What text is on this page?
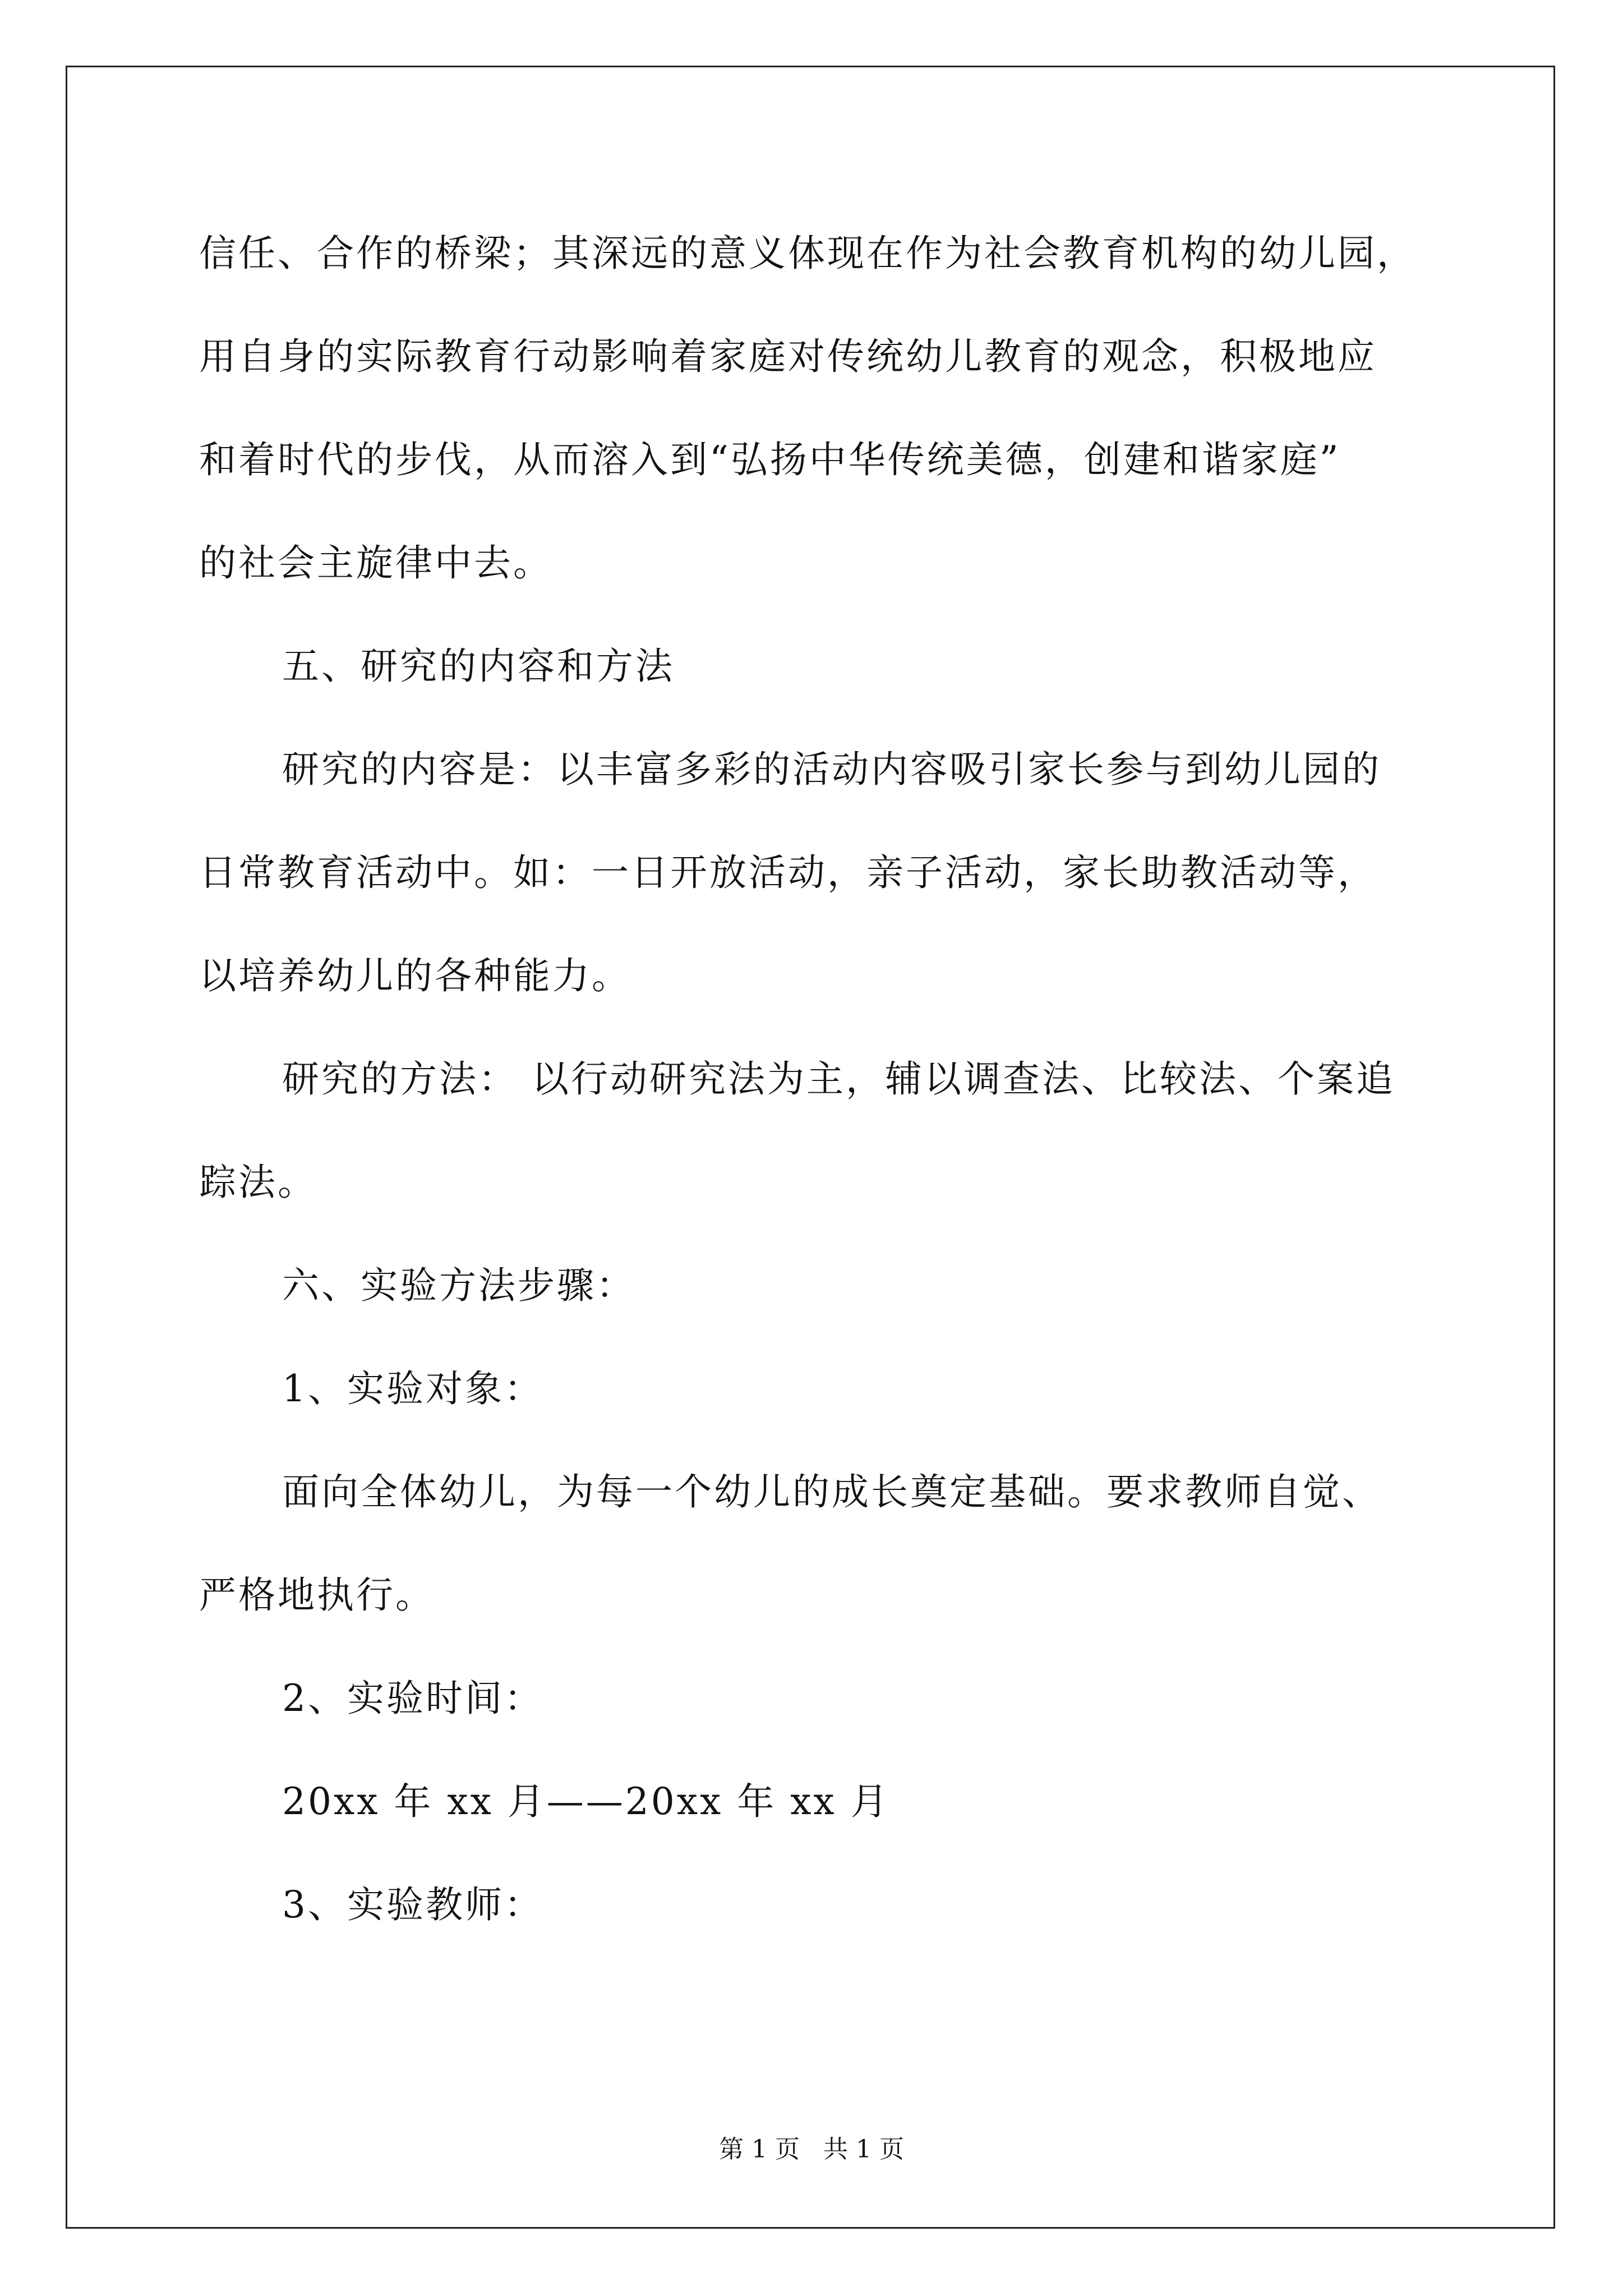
信任、合作的桥梁；其深远的意义体现在作为社会教育机构的幼儿园，
用自身的实际教育行动影响着家庭对传统幼儿教育的观念，积极地应
和着时代的步伐，从而溶入到“弘扬中华传统美德，创建和谐家庭”
的社会主旋律中去。
五、研究的内容和方法
研究的内容是：以丰富多彩的活动内容吸引家长参与到幼儿园的
日常教育活动中。如：一日开放活动，亲子活动，家长助教活动等，
以培养幼儿的各种能力。
研究的方法： 以行动研究法为主，辅以调查法、比较法、个案追
踪法。
六、实验方法步骤：
1、实验对象：
面向全体幼儿，为每一个幼儿的成长奠定基础。要求教师自觉、
严格地执行。
2、实验时间：
20xx 年 xx 月——20xx 年 xx 月
3、实验教师：
第 1 页   共 1 页
